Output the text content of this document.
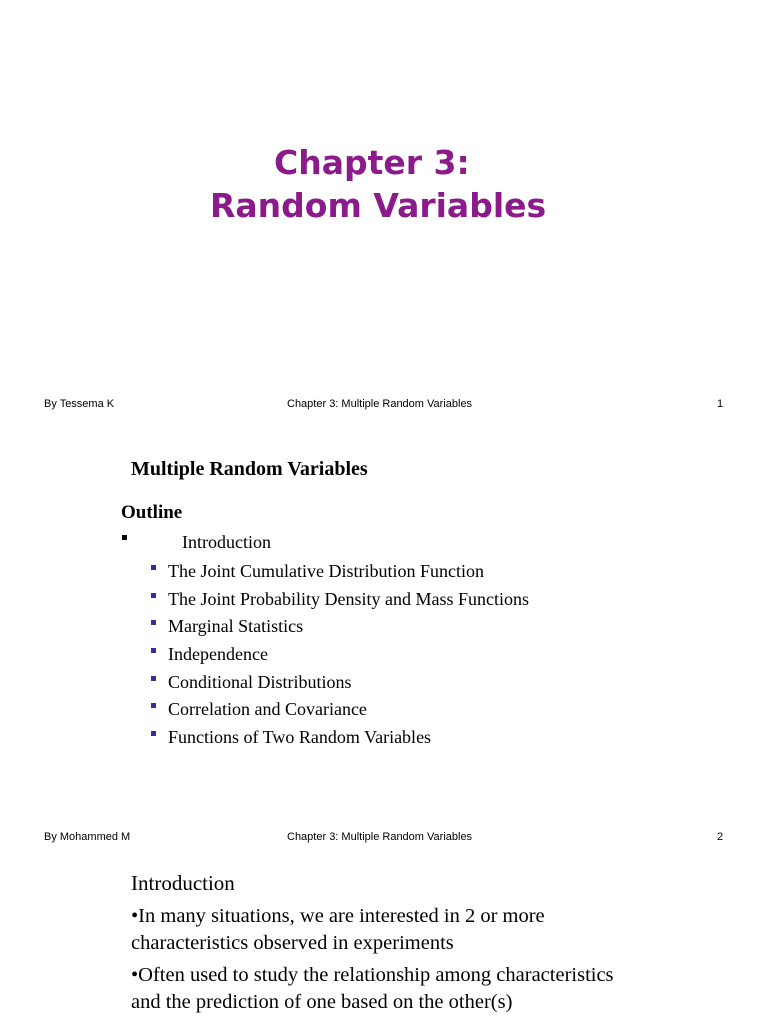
Chapter 3:
Random Variables
By Tessema K	Chapter 3: Multiple Random Variables	1
Multiple Random Variables
Outline
Introduction
The Joint Cumulative Distribution Function
The Joint Probability Density and Mass Functions
Marginal Statistics
Independence
Conditional Distributions
Correlation and Covariance
Functions of Two Random Variables
By Mohammed M	Chapter 3: Multiple Random Variables	2
Introduction
•In many situations, we are interested in 2 or more characteristics observed in experiments
•Often used to study the relationship among characteristics and the prediction of one based on the other(s)
